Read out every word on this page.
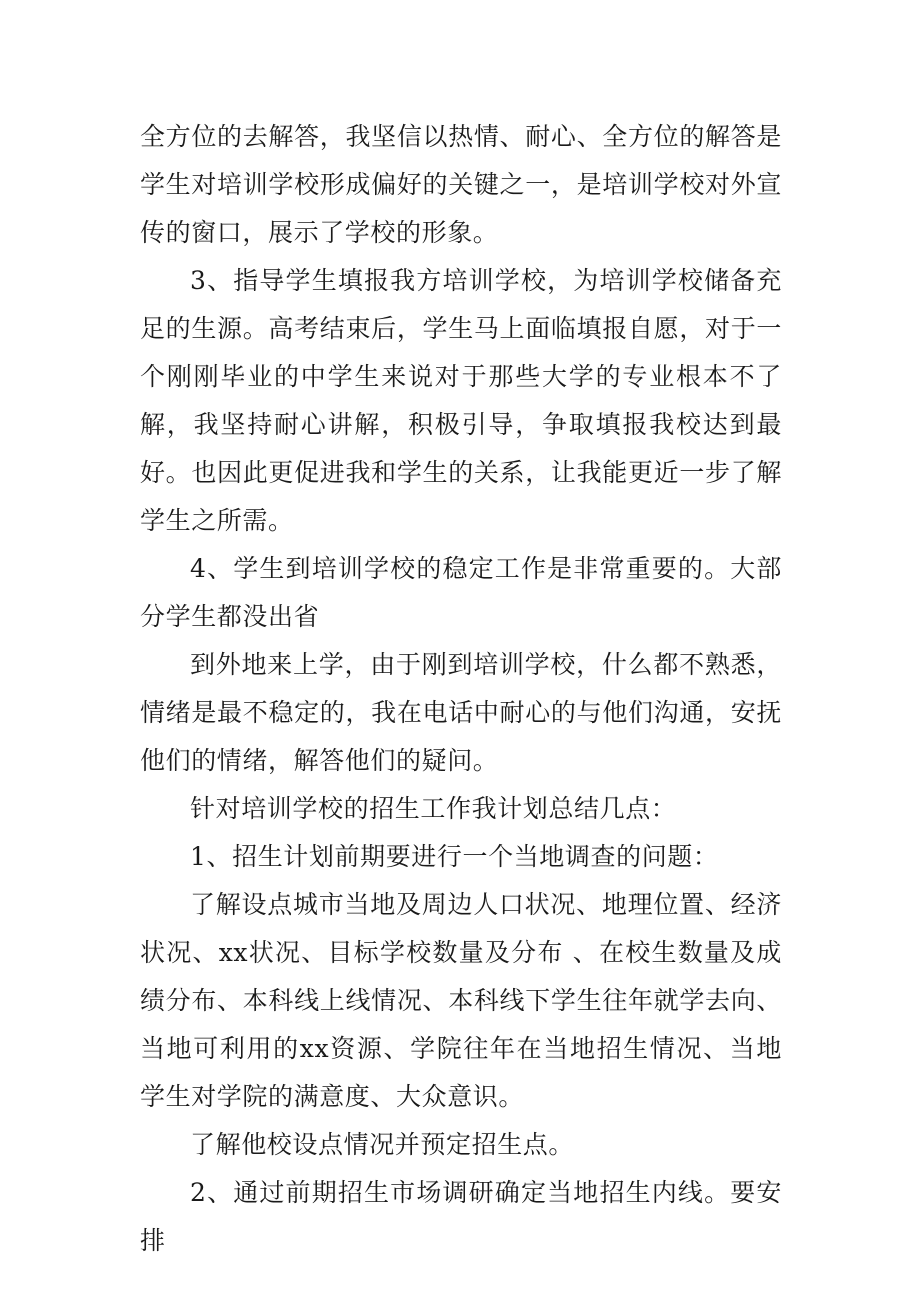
全方位的去解答，我坚信以热情、耐心、全方位的解答是学生对培训学校形成偏好的关键之一，是培训学校对外宣传的窗口，展示了学校的形象。

3、指导学生填报我方培训学校，为培训学校储备充足的生源。高考结束后，学生马上面临填报自愿，对于一个刚刚毕业的中学生来说对于那些大学的专业根本不了解，我坚持耐心讲解，积极引导，争取填报我校达到最好。也因此更促进我和学生的关系，让我能更近一步了解学生之所需。

4、学生到培训学校的稳定工作是非常重要的。大部分学生都没出省

到外地来上学，由于刚到培训学校，什么都不熟悉，情绪是最不稳定的，我在电话中耐心的与他们沟通，安抚他们的情绪，解答他们的疑问。

针对培训学校的招生工作我计划总结几点：

1、招生计划前期要进行一个当地调查的问题：

了解设点城市当地及周边人口状况、地理位置、经济状况、xx状况、目标学校数量及分布 、在校生数量及成绩分布、本科线上线情况、本科线下学生往年就学去向、当地可利用的xx资源、学院往年在当地招生情况、当地学生对学院的满意度、大众意识。

了解他校设点情况并预定招生点。

2、通过前期招生市场调研确定当地招生内线。要安排
